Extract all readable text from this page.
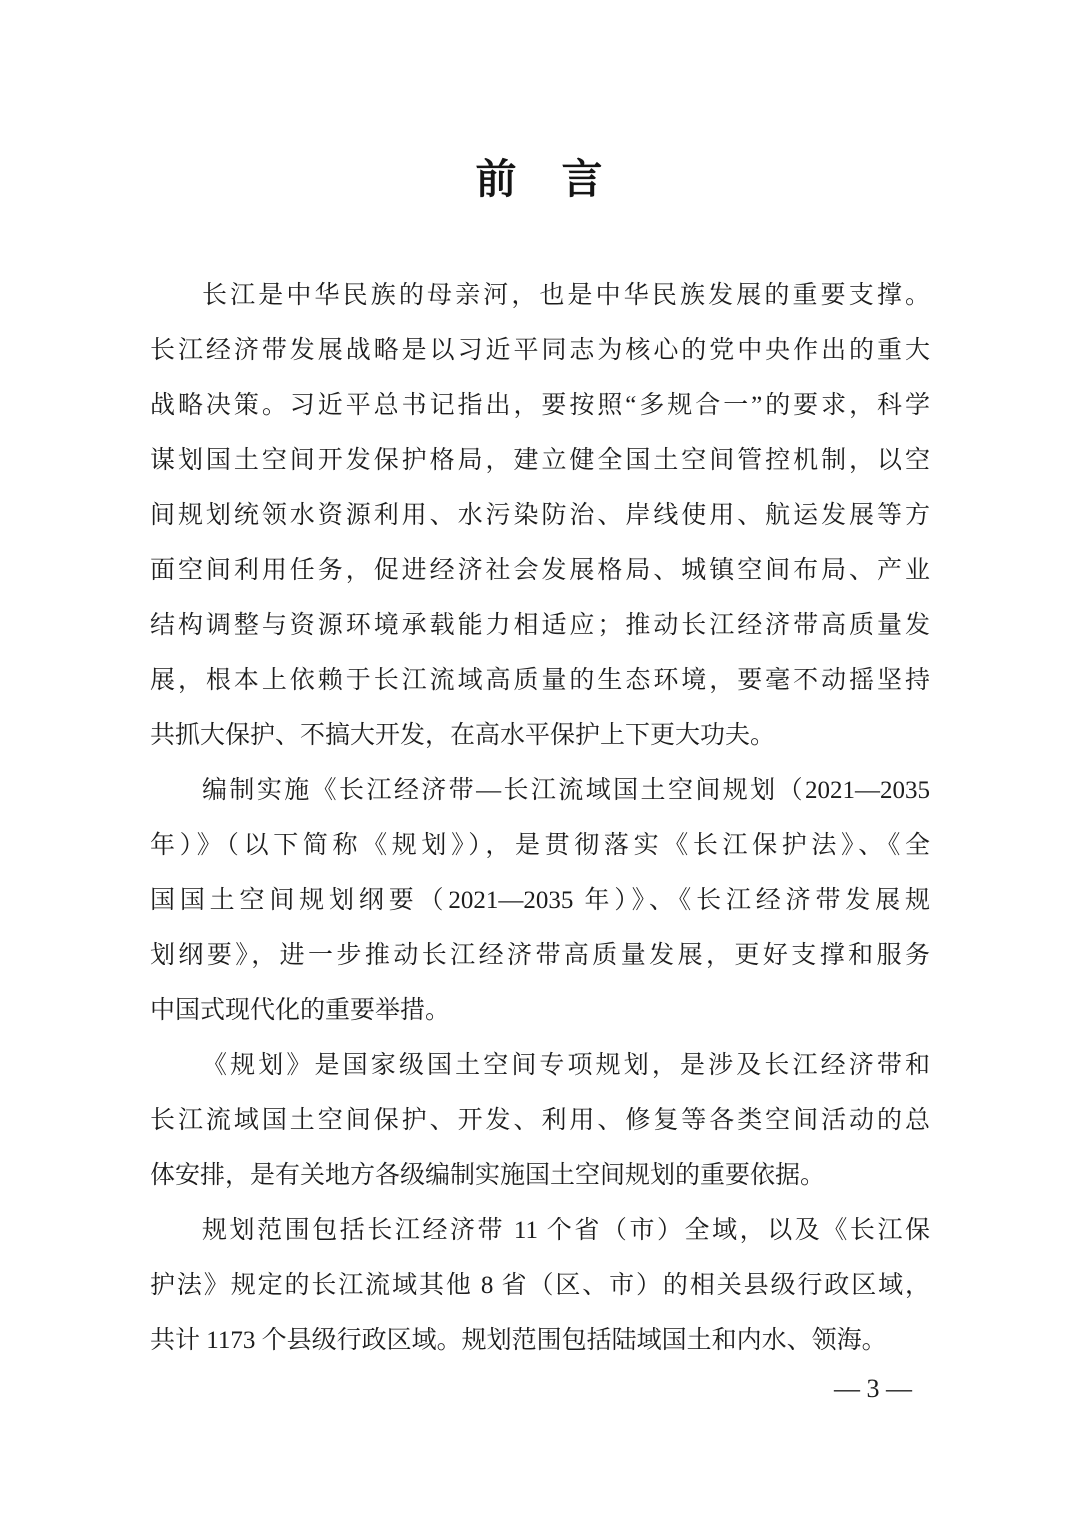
前　言
长江是中华民族的母亲河，也是中华民族发展的重要支撑。
长江经济带发展战略是以习近平同志为核心的党中央作出的重大
战略决策。习近平总书记指出，要按照“多规合一”的要求，科学
谋划国土空间开发保护格局，建立健全国土空间管控机制，以空
间规划统领水资源利用、水污染防治、岸线使用、航运发展等方
面空间利用任务，促进经济社会发展格局、城镇空间布局、产业
结构调整与资源环境承载能力相适应；推动长江经济带高质量发
展，根本上依赖于长江流域高质量的生态环境，要毫不动摇坚持
共抓大保护、不搞大开发，在高水平保护上下更大功夫。
编制实施《长江经济带—长江流域国土空间规划（2021—2035
年）》（以下简称《规划》），是贯彻落实《长江保护法》、《全
国国土空间规划纲要（2021—2035 年）》、《长江经济带发展规
划纲要》，进一步推动长江经济带高质量发展，更好支撑和服务
中国式现代化的重要举措。
《规划》是国家级国土空间专项规划，是涉及长江经济带和
长江流域国土空间保护、开发、利用、修复等各类空间活动的总
体安排，是有关地方各级编制实施国土空间规划的重要依据。
规划范围包括长江经济带 11 个省（市）全域，以及《长江保
护法》规定的长江流域其他 8 省（区、市）的相关县级行政区域，
共计 1173 个县级行政区域。规划范围包括陆域国土和内水、领海。
— 3 —
